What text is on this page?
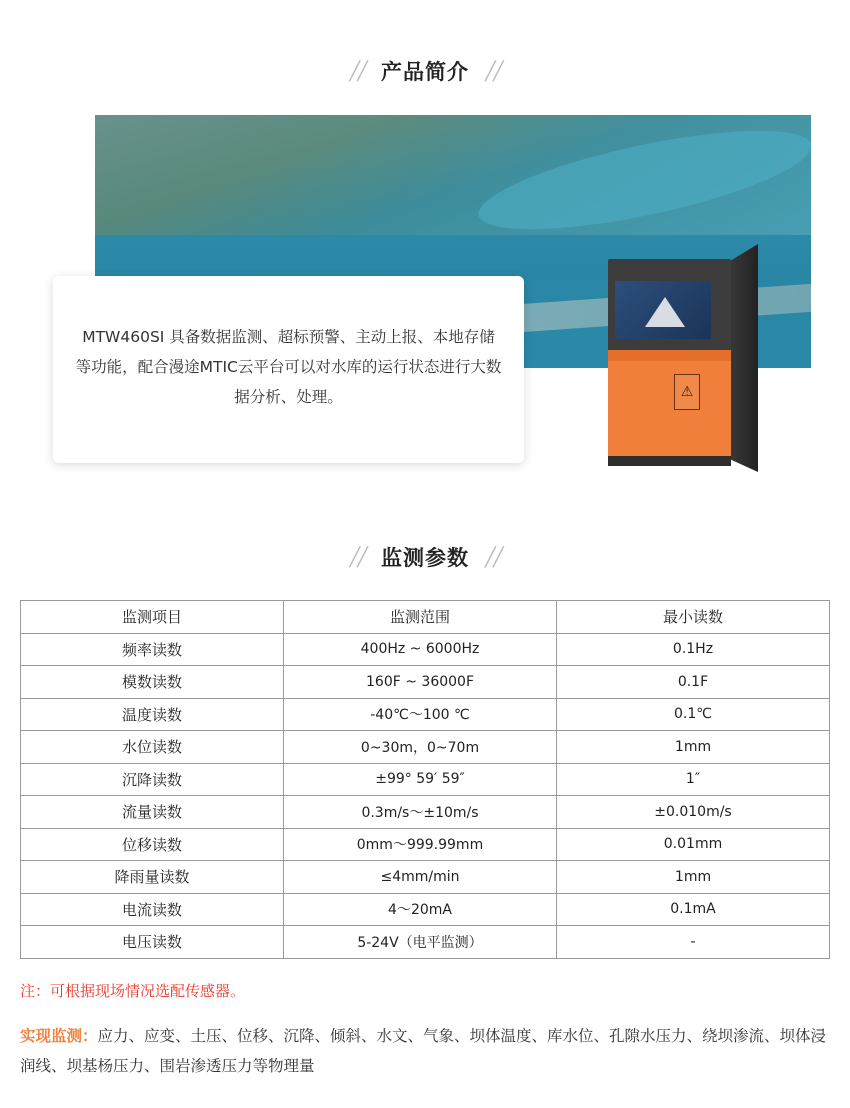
╱╱ 产品简介 ╱╱

MTW460SI 具备数据监测、超标预警、主动上报、本地存储等功能，配合漫途MTIC云平台可以对水库的运行状态进行大数据分析、处理。	⚠
╱╱ 监测参数 ╱╱
监测项目	监测范围	最小读数
频率读数	400Hz ~ 6000Hz	0.1Hz
模数读数	160F ~ 36000F	0.1F
温度读数	-40℃～100 ℃	0.1℃
水位读数	0~30m，0~70m	1mm
沉降读数	±99° 59′ 59″	1″
流量读数	0.3m/s～±10m/s	±0.010m/s
位移读数	0mm～999.99mm	0.01mm
降雨量读数	≤4mm/min	1mm
电流读数	4～20mA	0.1mA
电压读数	5-24V（电平监测）	-
注：可根据现场情况选配传感器。
实现监测：应力、应变、土压、位移、沉降、倾斜、水文、气象、坝体温度、库水位、孔隙水压力、绕坝渗流、坝体浸润线、坝基杨压力、围岩渗透压力等物理量
